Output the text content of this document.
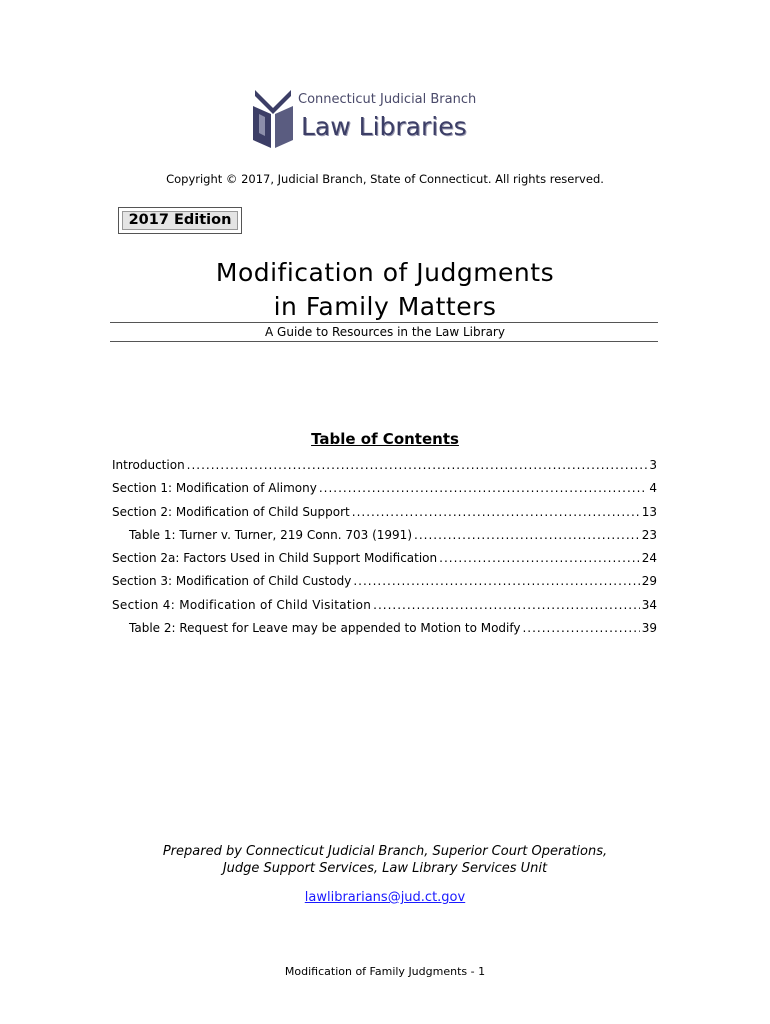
Connecticut Judicial Branch
Law Libraries
Copyright © 2017, Judicial Branch, State of Connecticut. All rights reserved.
2017 Edition
Modification of Judgments
in Family Matters
A Guide to Resources in the Law Library
Table of Contents
Introduction .....	3
Section 1: Modification of Alimony .....	4
Section 2: Modification of Child Support .....	13
Table 1: Turner v. Turner, 219 Conn. 703 (1991) .....	23
Section 2a: Factors Used in Child Support Modification .....	24
Section 3: Modification of Child Custody .....	29
Section 4: Modification of Child Visitation .....	34
Table 2: Request for Leave may be appended to Motion to Modify .....	39
Prepared by Connecticut Judicial Branch, Superior Court Operations,
Judge Support Services, Law Library Services Unit
lawlibrarians@jud.ct.gov
Modification of Family Judgments - 1
